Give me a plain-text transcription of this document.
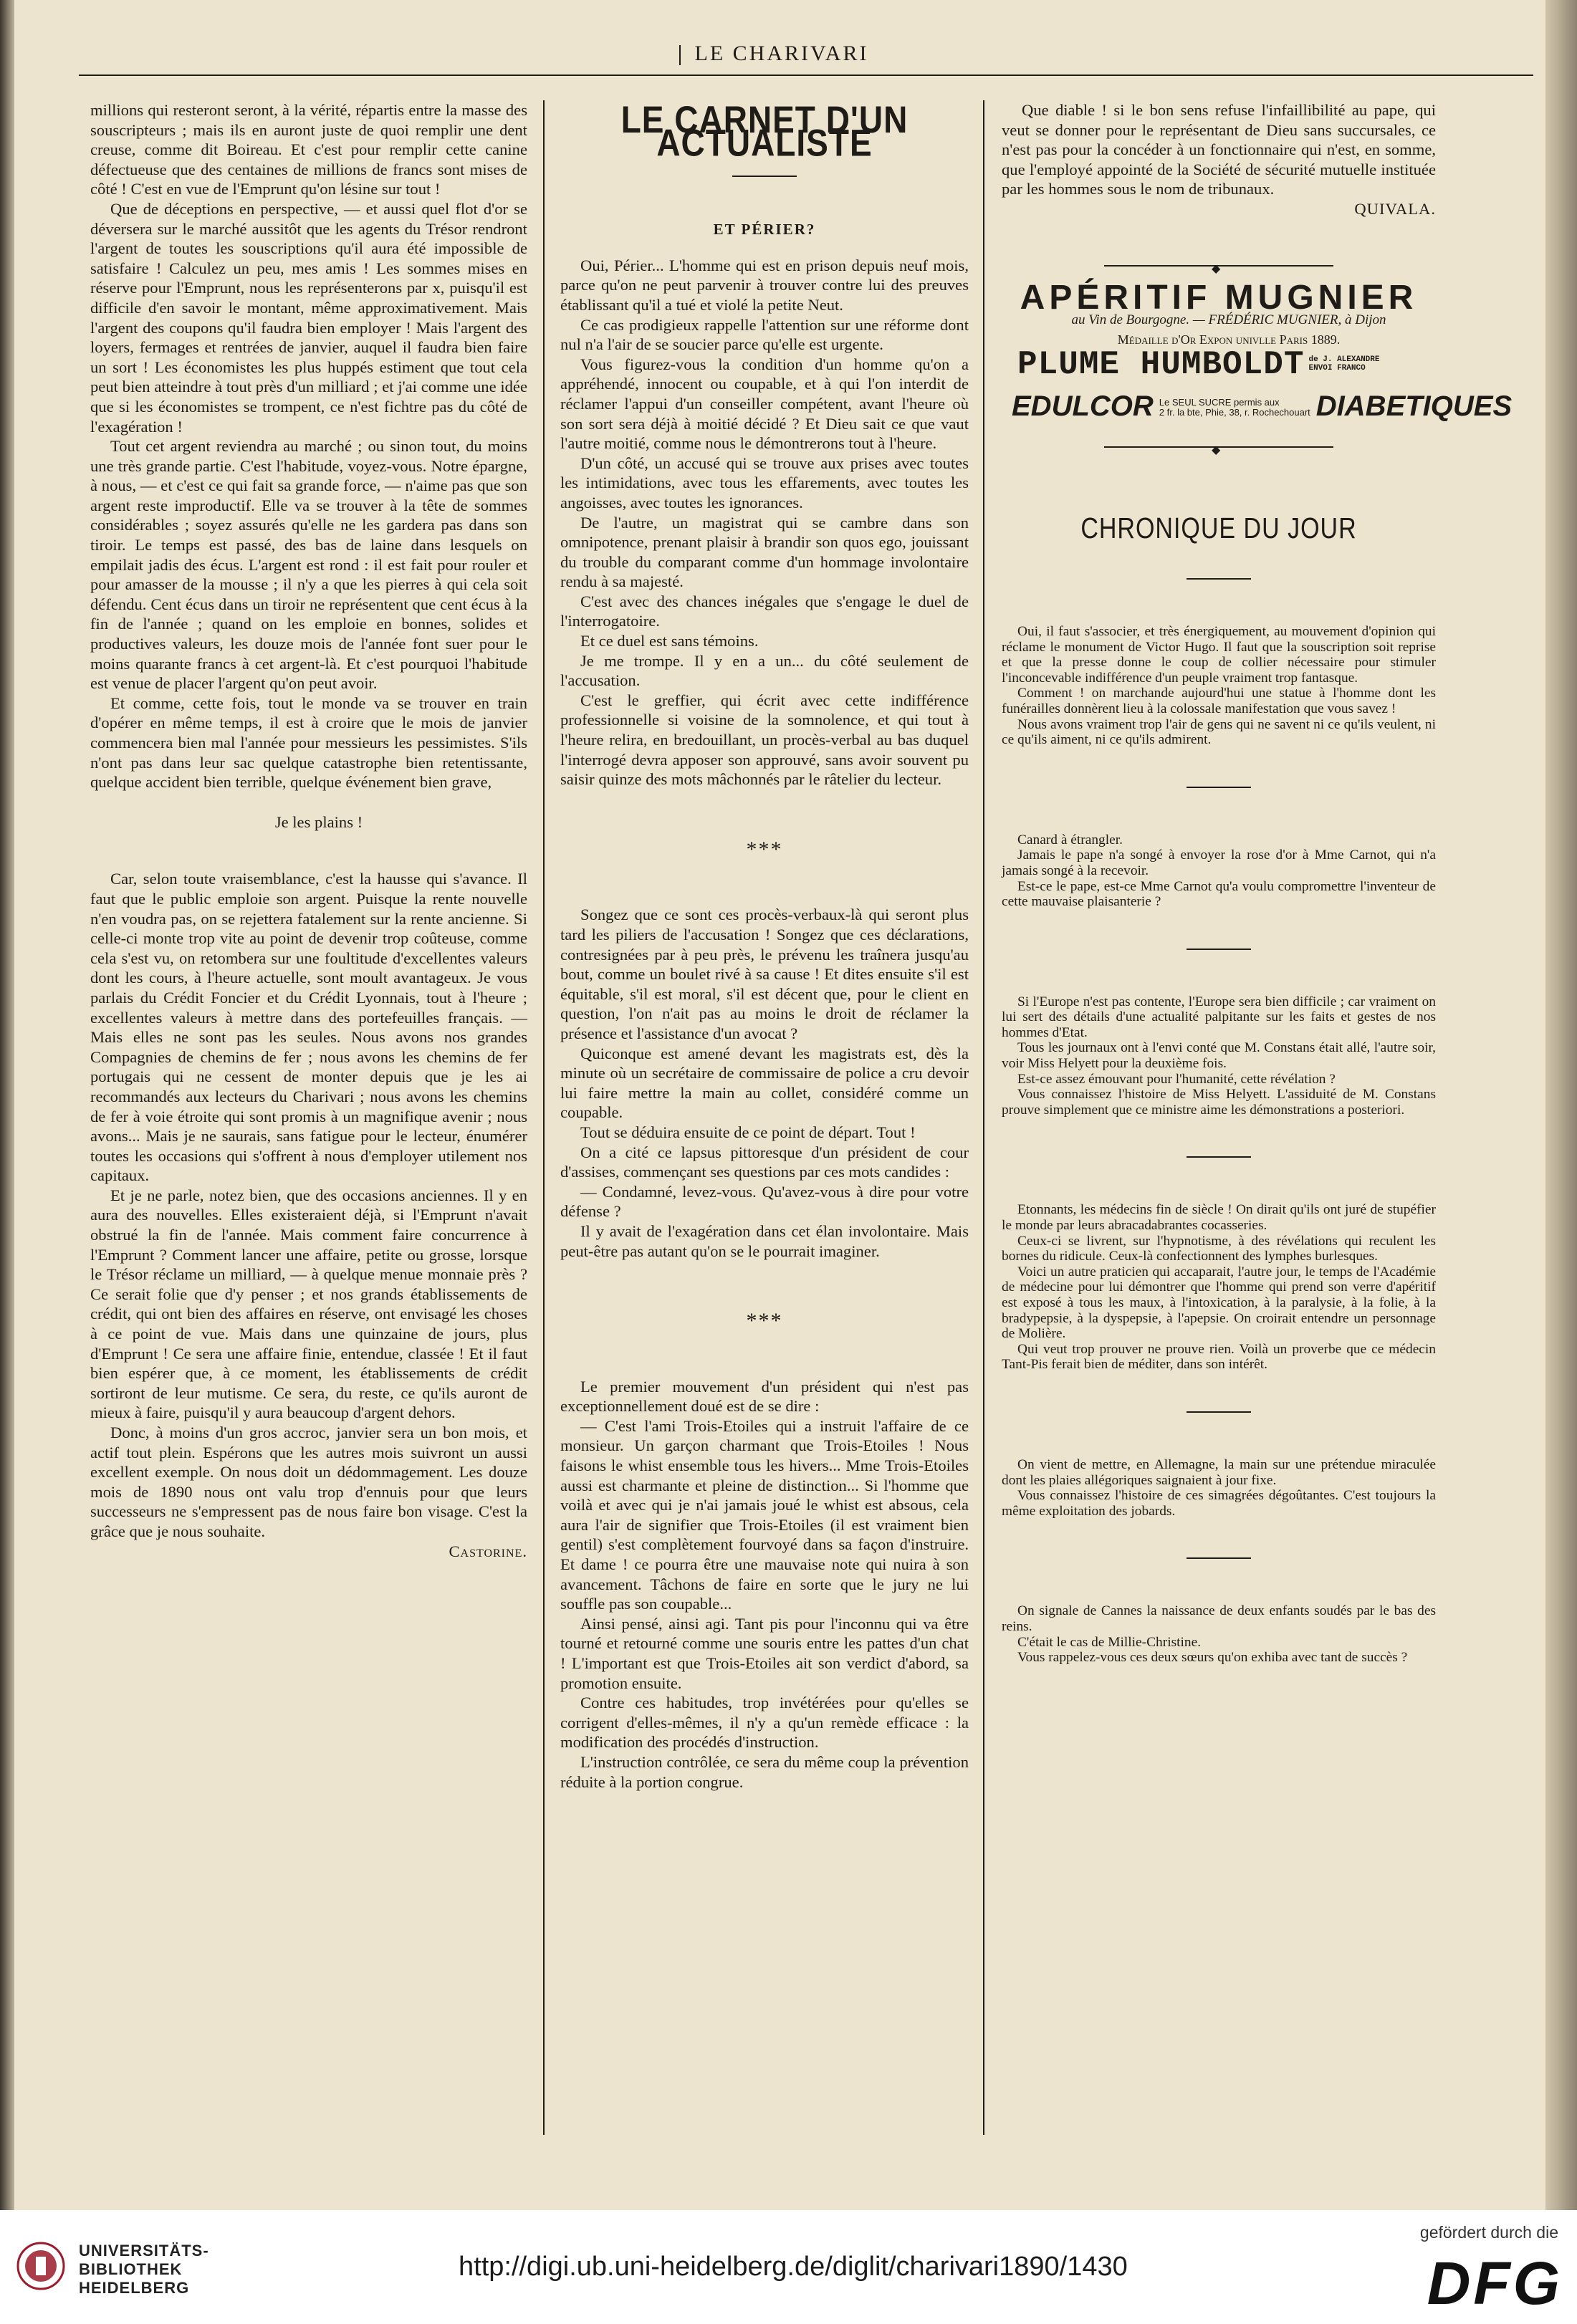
LE CHARIVARI

millions qui resteront seront, à la vérité, répartis entre la masse des souscripteurs ; mais ils en auront juste de quoi remplir une dent creuse, comme dit Boireau. Et c'est pour remplir cette canine défectueuse que des centaines de millions de francs sont mises de côté ! C'est en vue de l'Emprunt qu'on lésine sur tout !

Que de déceptions en perspective, — et aussi quel flot d'or se déversera sur le marché aussitôt que les agents du Trésor rendront l'argent de toutes les souscriptions qu'il aura été impossible de satisfaire ! Calculez un peu, mes amis ! Les sommes mises en réserve pour l'Emprunt, nous les représenterons par x, puisqu'il est difficile d'en savoir le montant, même approximativement. Mais l'argent des coupons qu'il faudra bien employer ! Mais l'argent des loyers, fermages et rentrées de janvier, auquel il faudra bien faire un sort ! Les économistes les plus huppés estiment que tout cela peut bien atteindre à tout près d'un milliard ; et j'ai comme une idée que si les économistes se trompent, ce n'est fichtre pas du côté de l'exagération !

Tout cet argent reviendra au marché ; ou sinon tout, du moins une très grande partie. C'est l'habitude, voyez-vous. Notre épargne, à nous, — et c'est ce qui fait sa grande force, — n'aime pas que son argent reste improductif. Elle va se trouver à la tête de sommes considérables ; soyez assurés qu'elle ne les gardera pas dans son tiroir. Le temps est passé, des bas de laine dans lesquels on empilait jadis des écus. L'argent est rond : il est fait pour rouler et pour amasser de la mousse ; il n'y a que les pierres à qui cela soit défendu. Cent écus dans un tiroir ne représentent que cent écus à la fin de l'année ; quand on les emploie en bonnes, solides et productives valeurs, les douze mois de l'année font suer pour le moins quarante francs à cet argent-là. Et c'est pourquoi l'habitude est venue de placer l'argent qu'on peut avoir.

Et comme, cette fois, tout le monde va se trouver en train d'opérer en même temps, il est à croire que le mois de janvier commencera bien mal l'année pour messieurs les pessimistes. S'ils n'ont pas dans leur sac quelque catastrophe bien retentissante, quelque accident bien terrible, quelque événement bien grave,

Je les plains !

Car, selon toute vraisemblance, c'est la hausse qui s'avance. Il faut que le public emploie son argent. Puisque la rente nouvelle n'en voudra pas, on se rejettera fatalement sur la rente ancienne. Si celle-ci monte trop vite au point de devenir trop coûteuse, comme cela s'est vu, on retombera sur une foultitude d'excellentes valeurs dont les cours, à l'heure actuelle, sont moult avantageux. Je vous parlais du Crédit Foncier et du Crédit Lyonnais, tout à l'heure ; excellentes valeurs à mettre dans des portefeuilles français. — Mais elles ne sont pas les seules. Nous avons nos grandes Compagnies de chemins de fer ; nous avons les chemins de fer portugais qui ne cessent de monter depuis que je les ai recommandés aux lecteurs du Charivari ; nous avons les chemins de fer à voie étroite qui sont promis à un magnifique avenir ; nous avons... Mais je ne saurais, sans fatigue pour le lecteur, énumérer toutes les occasions qui s'offrent à nous d'employer utilement nos capitaux.

Et je ne parle, notez bien, que des occasions anciennes. Il y en aura des nouvelles. Elles existeraient déjà, si l'Emprunt n'avait obstrué la fin de l'année. Mais comment faire concurrence à l'Emprunt ? Comment lancer une affaire, petite ou grosse, lorsque le Trésor réclame un milliard, — à quelque menue monnaie près ? Ce serait folie que d'y penser ; et nos grands établissements de crédit, qui ont bien des affaires en réserve, ont envisagé les choses à ce point de vue. Mais dans une quinzaine de jours, plus d'Emprunt ! Ce sera une affaire finie, entendue, classée ! Et il faut bien espérer que, à ce moment, les établissements de crédit sortiront de leur mutisme. Ce sera, du reste, ce qu'ils auront de mieux à faire, puisqu'il y aura beaucoup d'argent dehors.

Donc, à moins d'un gros accroc, janvier sera un bon mois, et actif tout plein. Espérons que les autres mois suivront un aussi excellent exemple. On nous doit un dédommagement. Les douze mois de 1890 nous ont valu trop d'ennuis pour que leurs successeurs ne s'empressent pas de nous faire bon visage. C'est la grâce que je nous souhaite.

Castorine.

LE CARNET D'UN ACTUALISTE
ET PÉRIER?

Oui, Périer... L'homme qui est en prison depuis neuf mois, parce qu'on ne peut parvenir à trouver contre lui des preuves établissant qu'il a tué et violé la petite Neut.

Ce cas prodigieux rappelle l'attention sur une réforme dont nul n'a l'air de se soucier parce qu'elle est urgente.

Vous figurez-vous la condition d'un homme qu'on a appréhendé, innocent ou coupable, et à qui l'on interdit de réclamer l'appui d'un conseiller compétent, avant l'heure où son sort sera déjà à moitié décidé ? Et Dieu sait ce que vaut l'autre moitié, comme nous le démontrerons tout à l'heure.

D'un côté, un accusé qui se trouve aux prises avec toutes les intimidations, avec tous les effarements, avec toutes les angoisses, avec toutes les ignorances.

De l'autre, un magistrat qui se cambre dans son omnipotence, prenant plaisir à brandir son quos ego, jouissant du trouble du comparant comme d'un hommage involontaire rendu à sa majesté.

C'est avec des chances inégales que s'engage le duel de l'interrogatoire.

Et ce duel est sans témoins.

Je me trompe. Il y en a un... du côté seulement de l'accusation.

C'est le greffier, qui écrit avec cette indifférence professionnelle si voisine de la somnolence, et qui tout à l'heure relira, en bredouillant, un procès-verbal au bas duquel l'interrogé devra apposer son approuvé, sans avoir souvent pu saisir quinze des mots mâchonnés par le râtelier du lecteur.

***

Songez que ce sont ces procès-verbaux-là qui seront plus tard les piliers de l'accusation ! Songez que ces déclarations, contresignées par à peu près, le prévenu les traînera jusqu'au bout, comme un boulet rivé à sa cause ! Et dites ensuite s'il est équitable, s'il est moral, s'il est décent que, pour le client en question, l'on n'ait pas au moins le droit de réclamer la présence et l'assistance d'un avocat ?

Quiconque est amené devant les magistrats est, dès la minute où un secrétaire de commissaire de police a cru devoir lui faire mettre la main au collet, considéré comme un coupable.

Tout se déduira ensuite de ce point de départ. Tout !

On a cité ce lapsus pittoresque d'un président de cour d'assises, commençant ses questions par ces mots candides :

— Condamné, levez-vous. Qu'avez-vous à dire pour votre défense ?

Il y avait de l'exagération dans cet élan involontaire. Mais peut-être pas autant qu'on se le pourrait imaginer.

***

Le premier mouvement d'un président qui n'est pas exceptionnellement doué est de se dire :

— C'est l'ami Trois-Etoiles qui a instruit l'affaire de ce monsieur. Un garçon charmant que Trois-Etoiles ! Nous faisons le whist ensemble tous les hivers... Mme Trois-Etoiles aussi est charmante et pleine de distinction... Si l'homme que voilà et avec qui je n'ai jamais joué le whist est absous, cela aura l'air de signifier que Trois-Etoiles (il est vraiment bien gentil) s'est complètement fourvoyé dans sa façon d'instruire. Et dame ! ce pourra être une mauvaise note qui nuira à son avancement. Tâchons de faire en sorte que le jury ne lui souffle pas son coupable...

Ainsi pensé, ainsi agi. Tant pis pour l'inconnu qui va être tourné et retourné comme une souris entre les pattes d'un chat ! L'important est que Trois-Etoiles ait son verdict d'abord, sa promotion ensuite.

Contre ces habitudes, trop invétérées pour qu'elles se corrigent d'elles-mêmes, il n'y a qu'un remède efficace : la modification des procédés d'instruction.

L'instruction contrôlée, ce sera du même coup la prévention réduite à la portion congrue.

Que diable ! si le bon sens refuse l'infaillibilité au pape, qui veut se donner pour le représentant de Dieu sans succursales, ce n'est pas pour la concéder à un fonctionnaire qui n'est, en somme, que l'employé appointé de la Société de sécurité mutuelle instituée par les hommes sous le nom de tribunaux.

QUIVALA.

◆
APÉRITIF MUGNIER

au Vin de Bourgogne. — FRÉDÉRIC MUGNIER, à Dijon

Médaille d'Or Expon univlle Paris 1889.

PLUME HUMBOLDT de J. ALEXANDRE
ENVOI FRANCO
EDULCOR Le SEUL SUCRE permis aux
2 fr. la bte, Phie, 38, r. Rochechouart DIABETIQUES
◆
CHRONIQUE DU JOUR

Oui, il faut s'associer, et très énergiquement, au mouvement d'opinion qui réclame le monument de Victor Hugo. Il faut que la souscription soit reprise et que la presse donne le coup de collier nécessaire pour stimuler l'inconcevable indifférence d'un peuple vraiment trop fantasque.

Comment ! on marchande aujourd'hui une statue à l'homme dont les funérailles donnèrent lieu à la colossale manifestation que vous savez !

Nous avons vraiment trop l'air de gens qui ne savent ni ce qu'ils veulent, ni ce qu'ils aiment, ni ce qu'ils admirent.

Canard à étrangler.

Jamais le pape n'a songé à envoyer la rose d'or à Mme Carnot, qui n'a jamais songé à la recevoir.

Est-ce le pape, est-ce Mme Carnot qu'a voulu compromettre l'inventeur de cette mauvaise plaisanterie ?

Si l'Europe n'est pas contente, l'Europe sera bien difficile ; car vraiment on lui sert des détails d'une actualité palpitante sur les faits et gestes de nos hommes d'Etat.

Tous les journaux ont à l'envi conté que M. Constans était allé, l'autre soir, voir Miss Helyett pour la deuxième fois.

Est-ce assez émouvant pour l'humanité, cette révélation ?

Vous connaissez l'histoire de Miss Helyett. L'assiduité de M. Constans prouve simplement que ce ministre aime les démonstrations a posteriori.

Etonnants, les médecins fin de siècle ! On dirait qu'ils ont juré de stupéfier le monde par leurs abracadabrantes cocasseries.

Ceux-ci se livrent, sur l'hypnotisme, à des révélations qui reculent les bornes du ridicule. Ceux-là confectionnent des lymphes burlesques.

Voici un autre praticien qui accaparait, l'autre jour, le temps de l'Académie de médecine pour lui démontrer que l'homme qui prend son verre d'apéritif est exposé à tous les maux, à l'intoxication, à la paralysie, à la folie, à la bradypepsie, à la dyspepsie, à l'apepsie. On croirait entendre un personnage de Molière.

Qui veut trop prouver ne prouve rien. Voilà un proverbe que ce médecin Tant-Pis ferait bien de méditer, dans son intérêt.

On vient de mettre, en Allemagne, la main sur une prétendue miraculée dont les plaies allégoriques saignaient à jour fixe.

Vous connaissez l'histoire de ces simagrées dégoûtantes. C'est toujours la même exploitation des jobards.

On signale de Cannes la naissance de deux enfants soudés par le bas des reins.

C'était le cas de Millie-Christine.

Vous rappelez-vous ces deux sœurs qu'on exhiba avec tant de succès ?

UNIVERSITÄTS-
BIBLIOTHEK
HEIDELBERG
http://digi.ub.uni-heidelberg.de/diglit/charivari1890/1430
gefördert durch die
DFG
